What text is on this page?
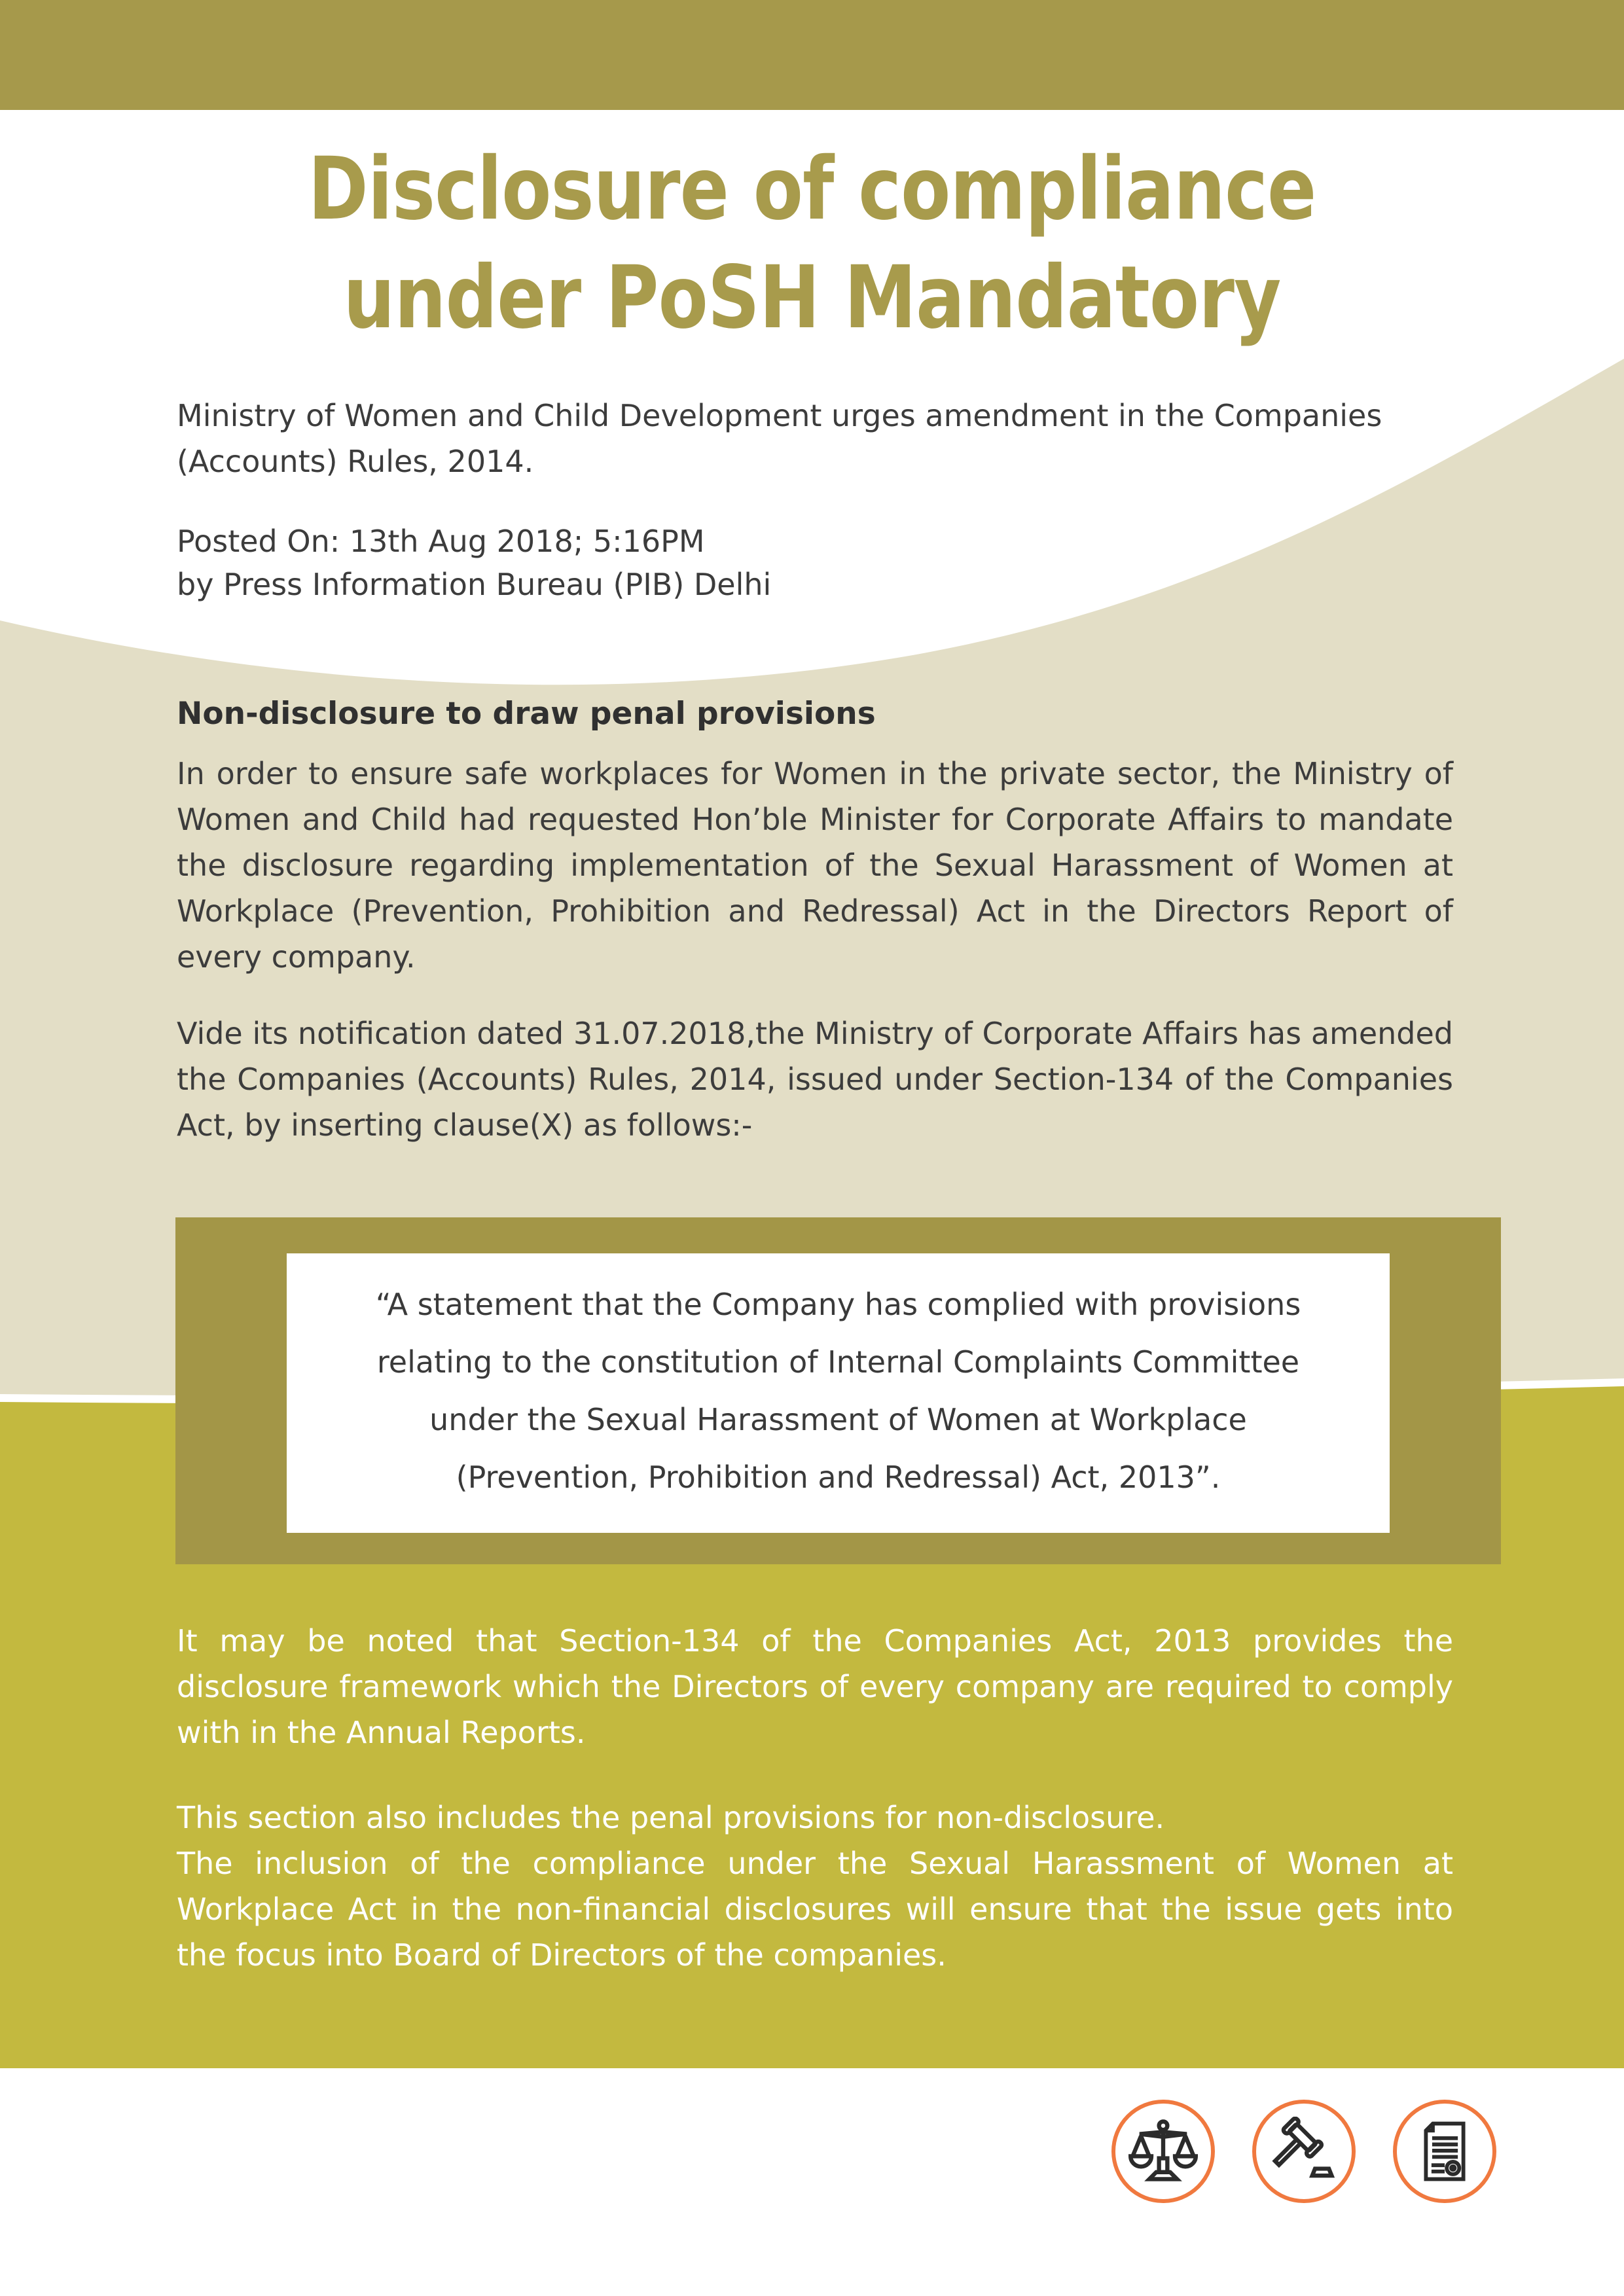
Disclosure of compliance
under PoSH Mandatory
Ministry of Women and Child Development urges amendment in the Companies (Accounts) Rules, 2014.
Posted On: 13th Aug 2018; 5:16PM
by Press Information Bureau (PIB) Delhi
Non-disclosure to draw penal provisions
In order to ensure safe workplaces for Women in the private sector, the Ministry of Women and Child had requested Hon’ble Minister for Corporate Affairs to mandate the disclosure regarding implementation of the Sexual Harassment of Women at Workplace (Prevention, Prohibition and Redressal) Act in the Directors Report of every company.
Vide its notification dated 31.07.2018,the Ministry of Corporate Affairs has amended the Companies (Accounts) Rules, 2014, issued under Section-134 of the Companies Act, by inserting clause(X) as follows:-
“A statement that the Company has complied with provisions
relating to the constitution of Internal Complaints Committee
under the Sexual Harassment of Women at Workplace
(Prevention, Prohibition and Redressal) Act, 2013”.
It may be noted that Section-134 of the Companies Act, 2013 provides the disclosure framework which the Directors of every company are required to comply with in the Annual Reports.
This section also includes the penal provisions for non-disclosure.
The inclusion of the compliance under the Sexual Harassment of Women at Workplace Act in the non-financial disclosures will ensure that the issue gets into the focus into Board of Directors of the companies.
